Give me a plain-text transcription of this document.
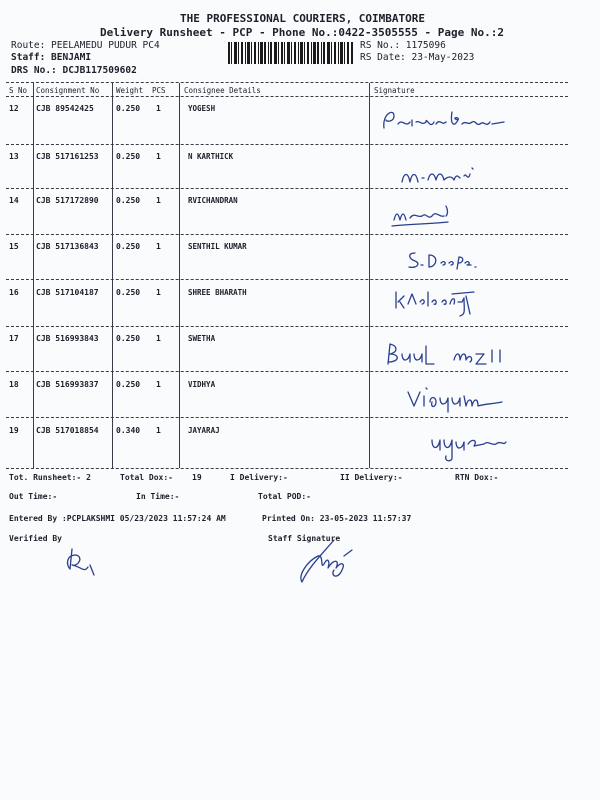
THE PROFESSIONAL COURIERS, COIMBATORE
Delivery Runsheet - PCP - Phone No.:0422-3505555 - Page No.:2
Route: PEELAMEDU PUDUR PC4
Staff: BENJAMI
DRS No.: DCJB117509602
RS No.: 1175096
RS Date: 23-May-2023
S No Consignment No Weight PCS Consignee Details	Signature
12 CJB 89542425	0.250 1	YOGESH
13 CJB 517161253 0.250 1	N KARTHICK
14 CJB 517172890 0.250 1	RVICHANDRAN
15 CJB 517136843 0.250 1	SENTHIL KUMAR
16 CJB 517104187 0.250 1	SHREE BHARATH
17 CJB 516993843 0.250 1	SWETHA
18 CJB 516993837 0.250 1	VIDHYA
19 CJB 517018854 0.340 1	JAYARAJ
Tot. Runsheet:- 2	Total Dox:- 19	I Delivery:-	II Delivery:-	RTN Dox:-
Out Time:-	In Time:-	Total POD:-
Entered By :PCPLAKSHMI 05/23/2023 11:57:24 AM	Printed On: 23-05-2023 11:57:37
Verified By	Staff Signature
